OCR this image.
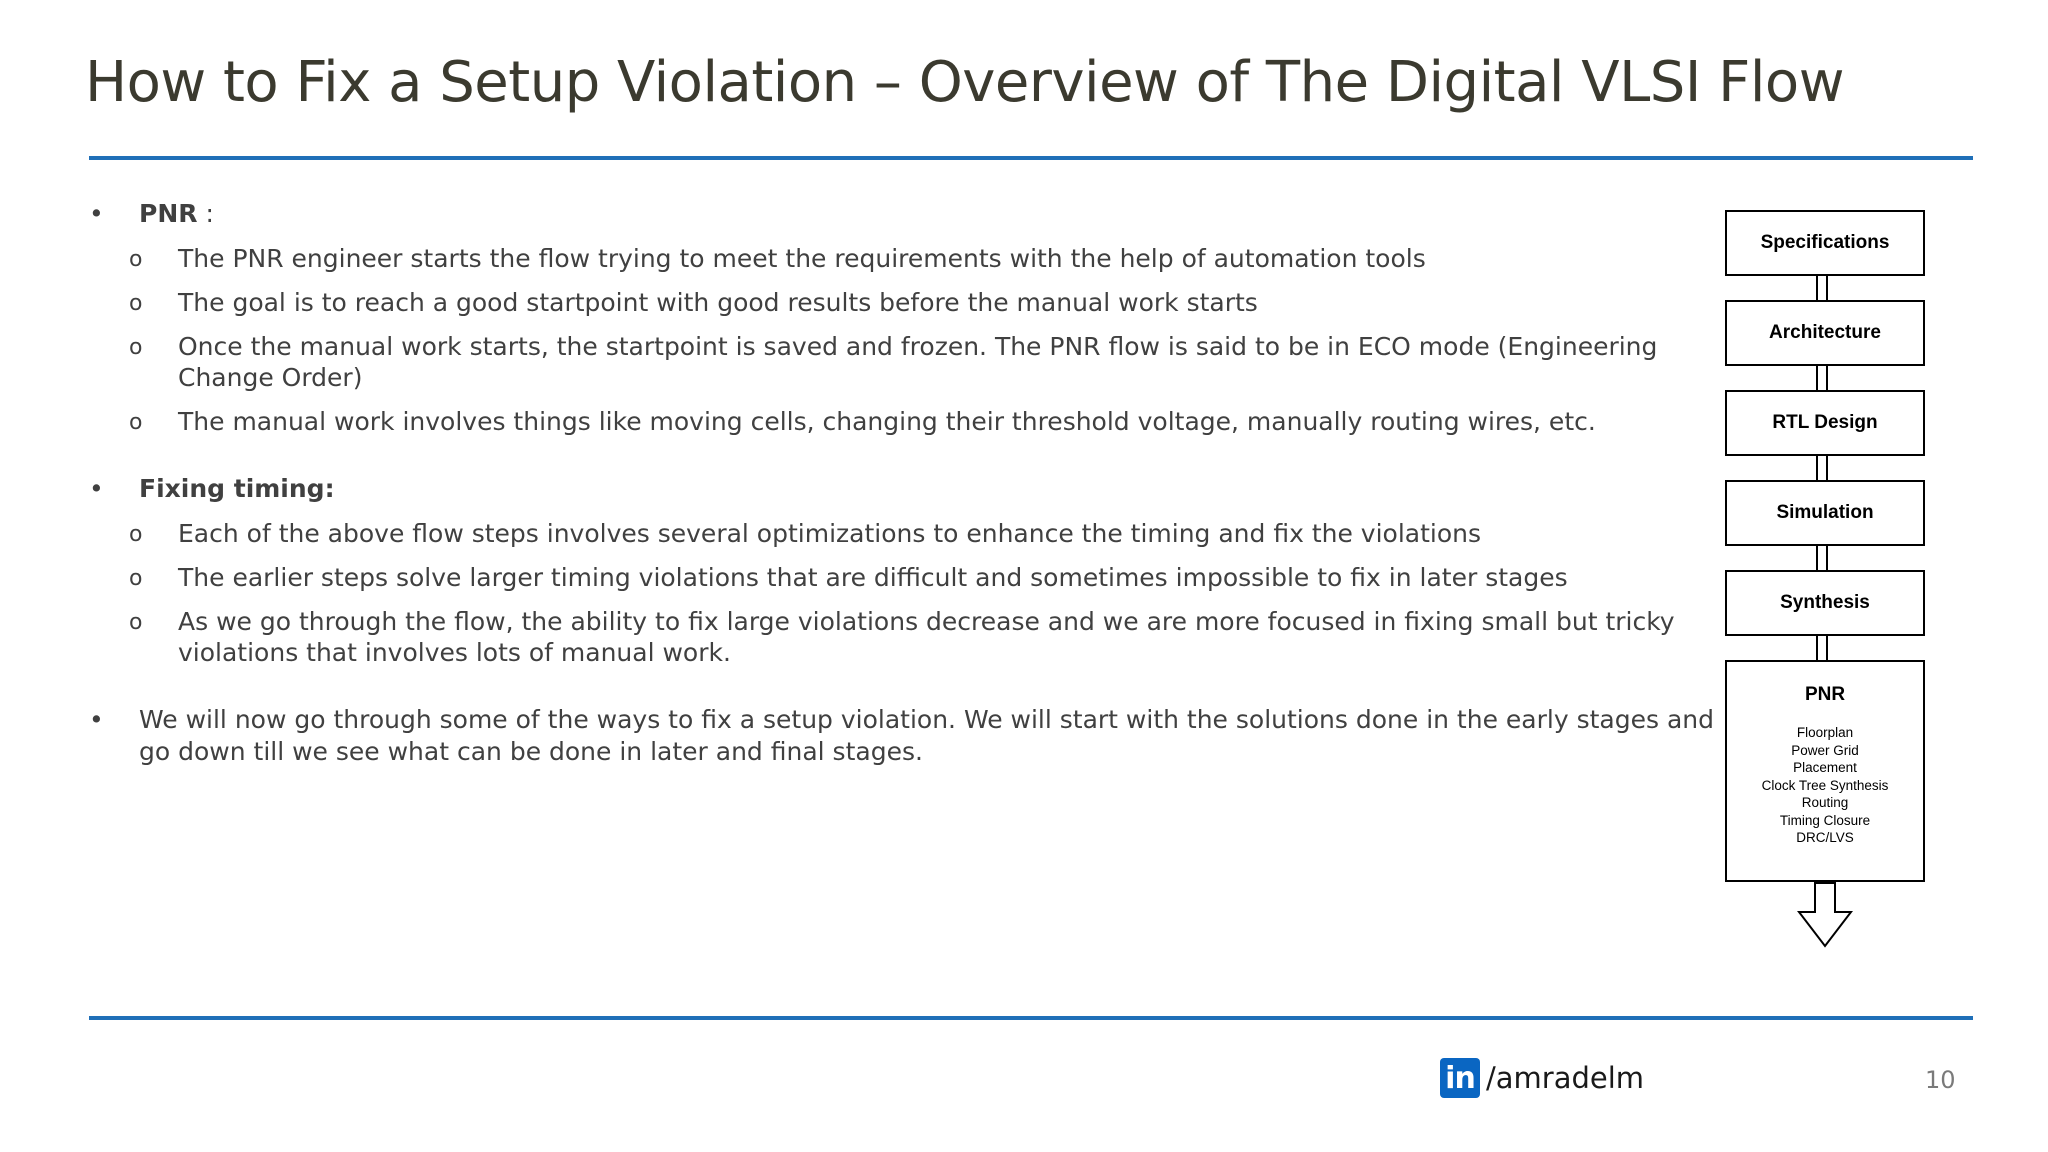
How to Fix a Setup Violation – Overview of The Digital VLSI Flow
• PNR :
o The PNR engineer starts the flow trying to meet the requirements with the help of automation tools
o The goal is to reach a good startpoint with good results before the manual work starts
o Once the manual work starts, the startpoint is saved and frozen. The PNR flow is said to be in ECO mode (Engineering Change Order)
o The manual work involves things like moving cells, changing their threshold voltage, manually routing wires, etc.
• Fixing timing:
o Each of the above flow steps involves several optimizations to enhance the timing and fix the violations
o The earlier steps solve larger timing violations that are difficult and sometimes impossible to fix in later stages
o As we go through the flow, the ability to fix large violations decrease and we are more focused in fixing small but tricky violations that involves lots of manual work.
• We will now go through some of the ways to fix a setup violation. We will start with the solutions done in the early stages and go down till we see what can be done in later and final stages.
Specifications
Architecture
RTL Design
Simulation
Synthesis
PNR
Floorplan
Power Grid
Placement
Clock Tree Synthesis
Routing
Timing Closure
DRC/LVS
in /amradelm	10
